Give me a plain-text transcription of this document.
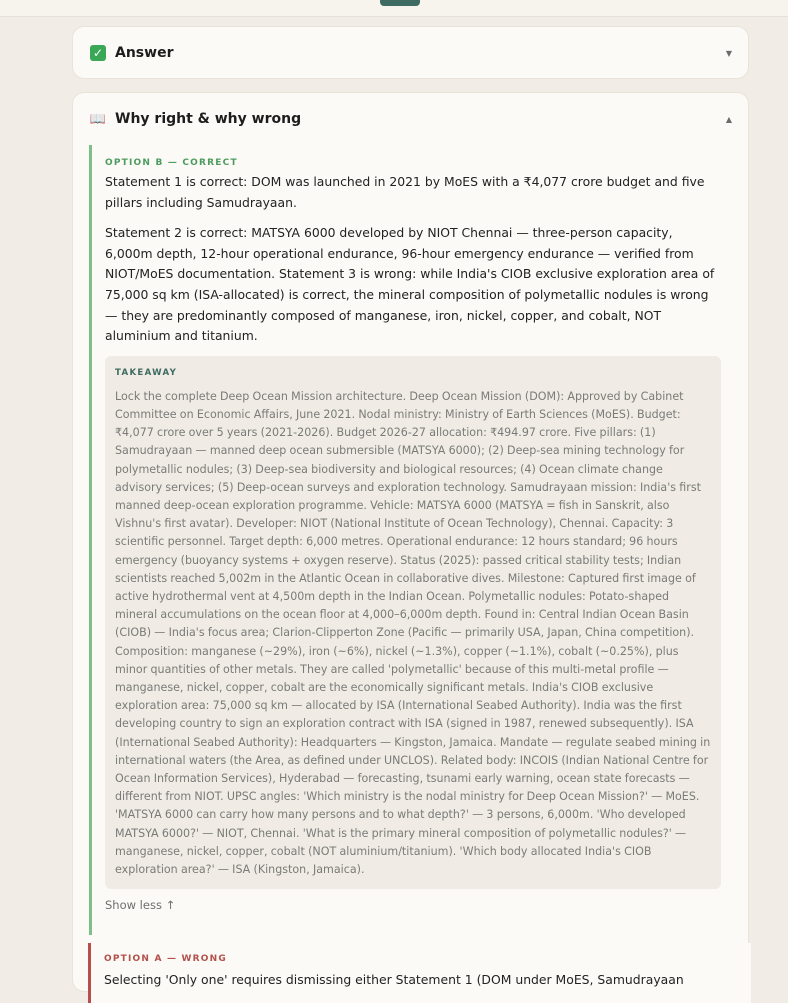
✓ Answer	▼
📖 Why right & why wrong	▲
OPTION B — CORRECT

Statement 1 is correct: DOM was launched in 2021 by MoES with a ₹4,077 crore budget and five pillars including Samudrayaan.

Statement 2 is correct: MATSYA 6000 developed by NIOT Chennai — three-person capacity, 6,000m depth, 12-hour operational endurance, 96-hour emergency endurance — verified from NIOT/MoES documentation. Statement 3 is wrong: while India's CIOB exclusive exploration area of 75,000 sq km (ISA-allocated) is correct, the mineral composition of polymetallic nodules is wrong — they are predominantly composed of manganese, iron, nickel, copper, and cobalt, NOT aluminium and titanium.

TAKEAWAY
Lock the complete Deep Ocean Mission architecture. Deep Ocean Mission (DOM): Approved by Cabinet Committee on Economic Affairs, June 2021. Nodal ministry: Ministry of Earth Sciences (MoES). Budget: ₹4,077 crore over 5 years (2021-2026). Budget 2026-27 allocation: ₹494.97 crore. Five pillars: (1) Samudrayaan — manned deep ocean submersible (MATSYA 6000); (2) Deep-sea mining technology for polymetallic nodules; (3) Deep-sea biodiversity and biological resources; (4) Ocean climate change advisory services; (5) Deep-ocean surveys and exploration technology. Samudrayaan mission: India's first manned deep-ocean exploration programme. Vehicle: MATSYA 6000 (MATSYA = fish in Sanskrit, also Vishnu's first avatar). Developer: NIOT (National Institute of Ocean Technology), Chennai. Capacity: 3 scientific personnel. Target depth: 6,000 metres. Operational endurance: 12 hours standard; 96 hours emergency (buoyancy systems + oxygen reserve). Status (2025): passed critical stability tests; Indian scientists reached 5,002m in the Atlantic Ocean in collaborative dives. Milestone: Captured first image of active hydrothermal vent at 4,500m depth in the Indian Ocean. Polymetallic nodules: Potato-shaped mineral accumulations on the ocean floor at 4,000–6,000m depth. Found in: Central Indian Ocean Basin (CIOB) — India's focus area; Clarion-Clipperton Zone (Pacific — primarily USA, Japan, China competition). Composition: manganese (~29%), iron (~6%), nickel (~1.3%), copper (~1.1%), cobalt (~0.25%), plus minor quantities of other metals. They are called 'polymetallic' because of this multi-metal profile — manganese, nickel, copper, cobalt are the economically significant metals. India's CIOB exclusive exploration area: 75,000 sq km — allocated by ISA (International Seabed Authority). India was the first developing country to sign an exploration contract with ISA (signed in 1987, renewed subsequently). ISA (International Seabed Authority): Headquarters — Kingston, Jamaica. Mandate — regulate seabed mining in international waters (the Area, as defined under UNCLOS). Related body: INCOIS (Indian National Centre for Ocean Information Services), Hyderabad — forecasting, tsunami early warning, ocean state forecasts — different from NIOT. UPSC angles: 'Which ministry is the nodal ministry for Deep Ocean Mission?' — MoES. 'MATSYA 6000 can carry how many persons and to what depth?' — 3 persons, 6,000m. 'Who developed MATSYA 6000?' — NIOT, Chennai. 'What is the primary mineral composition of polymetallic nodules?' — manganese, nickel, copper, cobalt (NOT aluminium/titanium). 'Which body allocated India's CIOB exploration area?' — ISA (Kingston, Jamaica).
Show less ↑
OPTION A — WRONG

Selecting 'Only one' requires dismissing either Statement 1 (DOM under MoES, Samudrayaan
